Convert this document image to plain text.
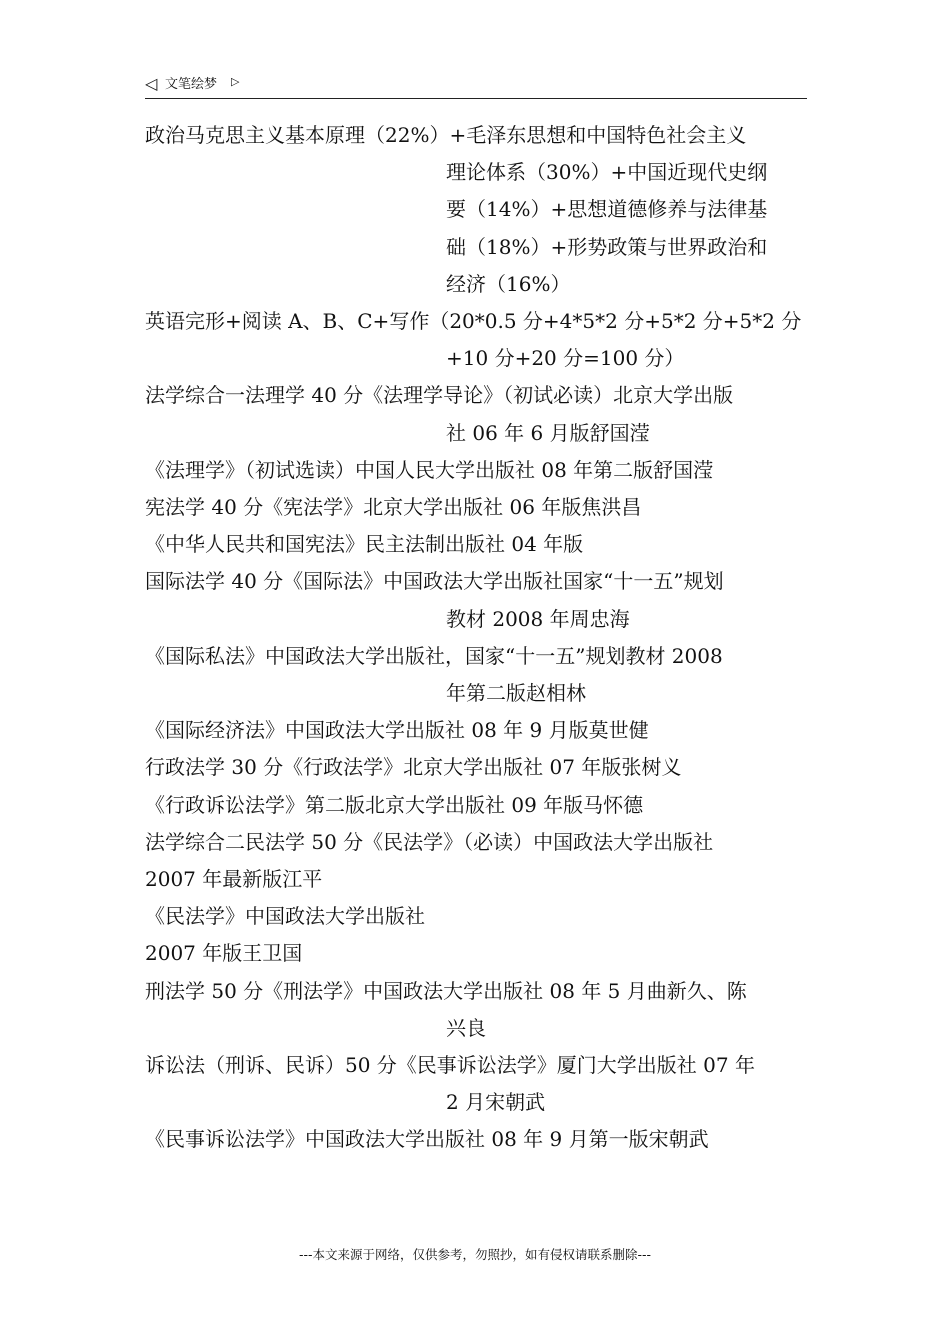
◁ 文笔绘梦 ▷
政治马克思主义基本原理（22%）+毛泽东思想和中国特色社会主义
理论体系（30%）+中国近现代史纲
要（14%）+思想道德修养与法律基
础（18%）+形势政策与世界政治和
经济（16%）
英语完形+阅读 A、B、C+写作（20*0.5 分+4*5*2 分+5*2 分+5*2 分
+10 分+20 分=100 分）
法学综合一法理学 40 分《法理学导论》（初试必读）北京大学出版
社 06 年 6 月版舒国滢
《法理学》（初试选读）中国人民大学出版社 08 年第二版舒国滢
宪法学 40 分《宪法学》北京大学出版社 06 年版焦洪昌
《中华人民共和国宪法》民主法制出版社 04 年版
国际法学 40 分《国际法》中国政法大学出版社国家“十一五”规划
教材 2008 年周忠海
《国际私法》中国政法大学出版社，国家“十一五”规划教材 2008
年第二版赵相林
《国际经济法》中国政法大学出版社 08 年 9 月版莫世健
行政法学 30 分《行政法学》北京大学出版社 07 年版张树义
《行政诉讼法学》第二版北京大学出版社 09 年版马怀德
法学综合二民法学 50 分《民法学》（必读）中国政法大学出版社
2007 年最新版江平
《民法学》中国政法大学出版社
2007 年版王卫国
刑法学 50 分《刑法学》中国政法大学出版社 08 年 5 月曲新久、陈
兴良
诉讼法（刑诉、民诉）50 分《民事诉讼法学》厦门大学出版社 07 年
2 月宋朝武
《民事诉讼法学》中国政法大学出版社 08 年 9 月第一版宋朝武
---本文来源于网络，仅供参考，勿照抄，如有侵权请联系删除---
